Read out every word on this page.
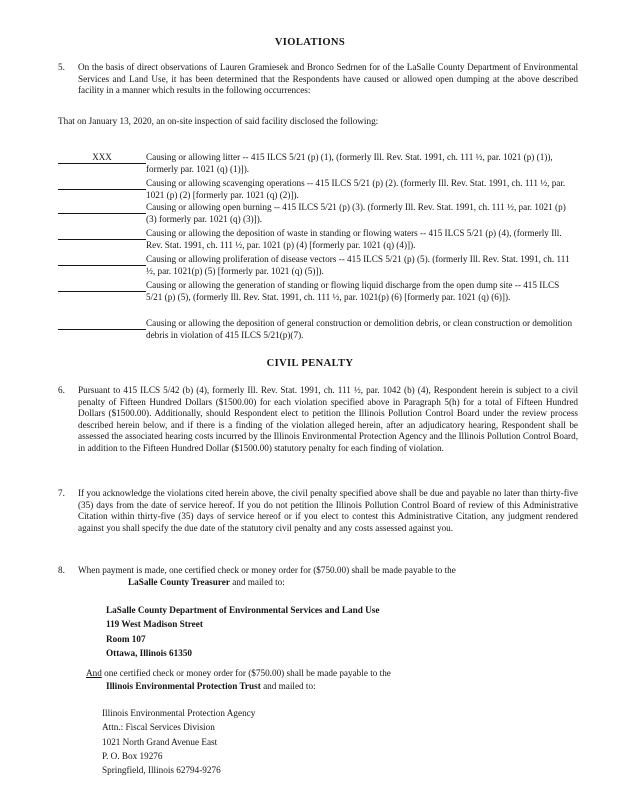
VIOLATIONS
5. On the basis of direct observations of Lauren Gramiesek and Bronco Sedrnen for of the LaSalle County Department of Environmental Services and Land Use, it has been determined that the Respondents have caused or allowed open dumping at the above described facility in a manner which results in the following occurrences:
That on January 13, 2020, an on-site inspection of said facility disclosed the following:
XXX	Causing or allowing litter -- 415 ILCS 5/21 (p) (1), (formerly Ill. Rev. Stat. 1991, ch. 111 ½, par. 1021 (p) (1)), formerly par. 1021 (q) (1)]).
Causing or allowing scavenging operations -- 415 ILCS 5/21 (p) (2). (formerly Ill. Rev. Stat. 1991, ch. 111 ½, par. 1021 (p) (2) [formerly par. 1021 (q) (2)]).
Causing or allowing open burning -- 415 ILCS 5/21 (p) (3). (formerly Ill. Rev. Stat. 1991, ch. 111 ½, par. 1021 (p) (3) formerly par. 1021 (q) (3)]).
Causing or allowing the deposition of waste in standing or flowing waters -- 415 ILCS 5/21 (p) (4), (formerly Ill. Rev. Stat. 1991, ch. 111 ½, par. 1021 (p) (4) [formerly par. 1021 (q) (4)]).
Causing or allowing proliferation of disease vectors -- 415 ILCS 5/21 (p) (5). (formerly Ill. Rev. Stat. 1991, ch. 111 ½, par. 1021(p) (5) [formerly par. 1021 (q) (5)]).
Causing or allowing the generation of standing or flowing liquid discharge from the open dump site -- 415 ILCS 5/21 (p) (5), (formerly Ill. Rev. Stat. 1991, ch. 111 ½, par. 1021(p) (6) [formerly par. 1021 (q) (6)]).
Causing or allowing the deposition of general construction or demolition debris, or clean construction or demolition debris in violation of 415 ILCS 5/21(p)(7).
CIVIL PENALTY
6. Pursuant to 415 ILCS 5/42 (b) (4), formerly Ill. Rev. Stat. 1991, ch. 111 ½, par. 1042 (b) (4), Respondent herein is subject to a civil penalty of Fifteen Hundred Dollars ($1500.00) for each violation specified above in Paragraph 5(h) for a total of Fifteen Hundred Dollars ($1500.00). Additionally, should Respondent elect to petition the Illinois Pollution Control Board under the review process described herein below, and if there is a finding of the violation alleged herein, after an adjudicatory hearing, Respondent shall be assessed the associated hearing costs incurred by the Illinois Environmental Protection Agency and the Illinois Pollution Control Board, in addition to the Fifteen Hundred Dollar ($1500.00) statutory penalty for each finding of violation.
7. If you acknowledge the violations cited herein above, the civil penalty specified above shall be due and payable no later than thirty-five (35) days from the date of service hereof. If you do not petition the Illinois Pollution Control Board of review of this Administrative Citation within thirty-five (35) days of service hereof or if you elect to contest this Administrative Citation, any judgment rendered against you shall specify the due date of the statutory civil penalty and any costs assessed against you.
8. When payment is made, one certified check or money order for ($750.00) shall be made payable to the
LaSalle County Treasurer and mailed to:
LaSalle County Department of Environmental Services and Land Use
119 West Madison Street
Room 107
Ottawa, Illinois 61350
And one certified check or money order for ($750.00) shall be made payable to the
Illinois Environmental Protection Trust and mailed to:
Illinois Environmental Protection Agency
Attn.: Fiscal Services Division
1021 North Grand Avenue East
P. O. Box 19276
Springfield, Illinois 62794-9276
